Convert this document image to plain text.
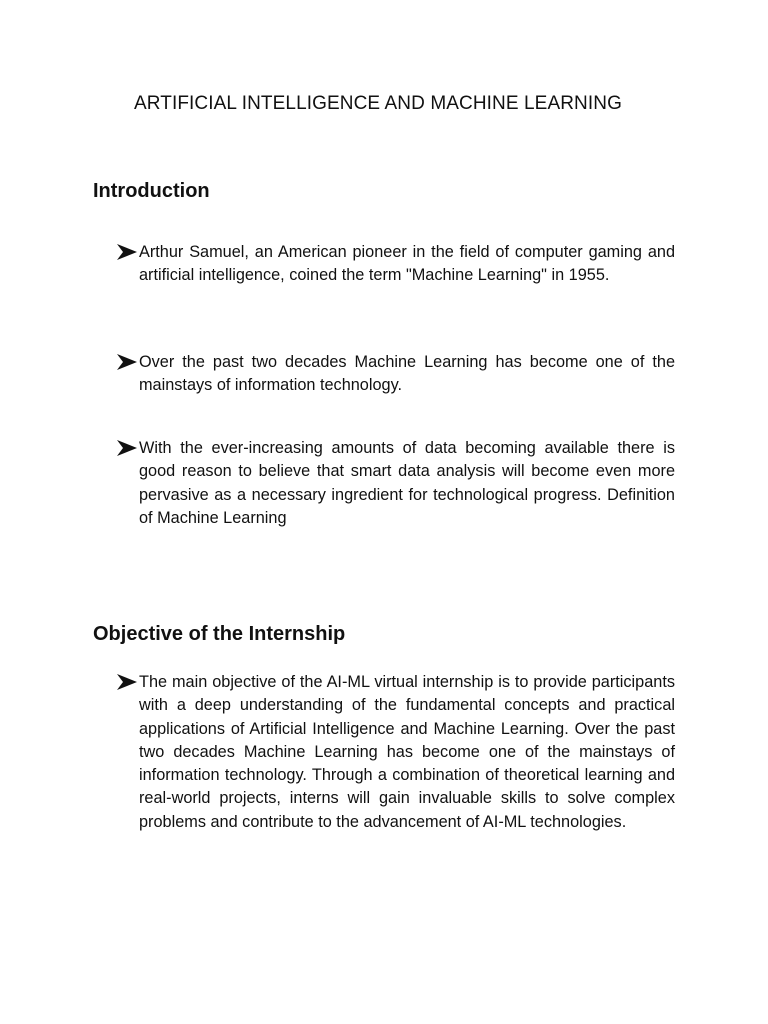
ARTIFICIAL INTELLIGENCE AND MACHINE LEARNING
Introduction
Arthur Samuel, an American pioneer in the field of computer gaming and artificial intelligence, coined the term "Machine Learning" in 1955.
Over the past two decades Machine Learning has become one of the mainstays of information technology.
With the ever-increasing amounts of data becoming available there is good reason to believe that smart data analysis will become even more pervasive as a necessary ingredient for technological progress. Definition of Machine Learning
Objective of the Internship
The main objective of the AI-ML virtual internship is to provide participants with a deep understanding of the fundamental concepts and practical applications of Artificial Intelligence and Machine Learning. Over the past two decades Machine Learning has become one of the mainstays of information technology. Through a combination of theoretical learning and real-world projects, interns will gain invaluable skills to solve complex problems and contribute to the advancement of AI-ML technologies.
